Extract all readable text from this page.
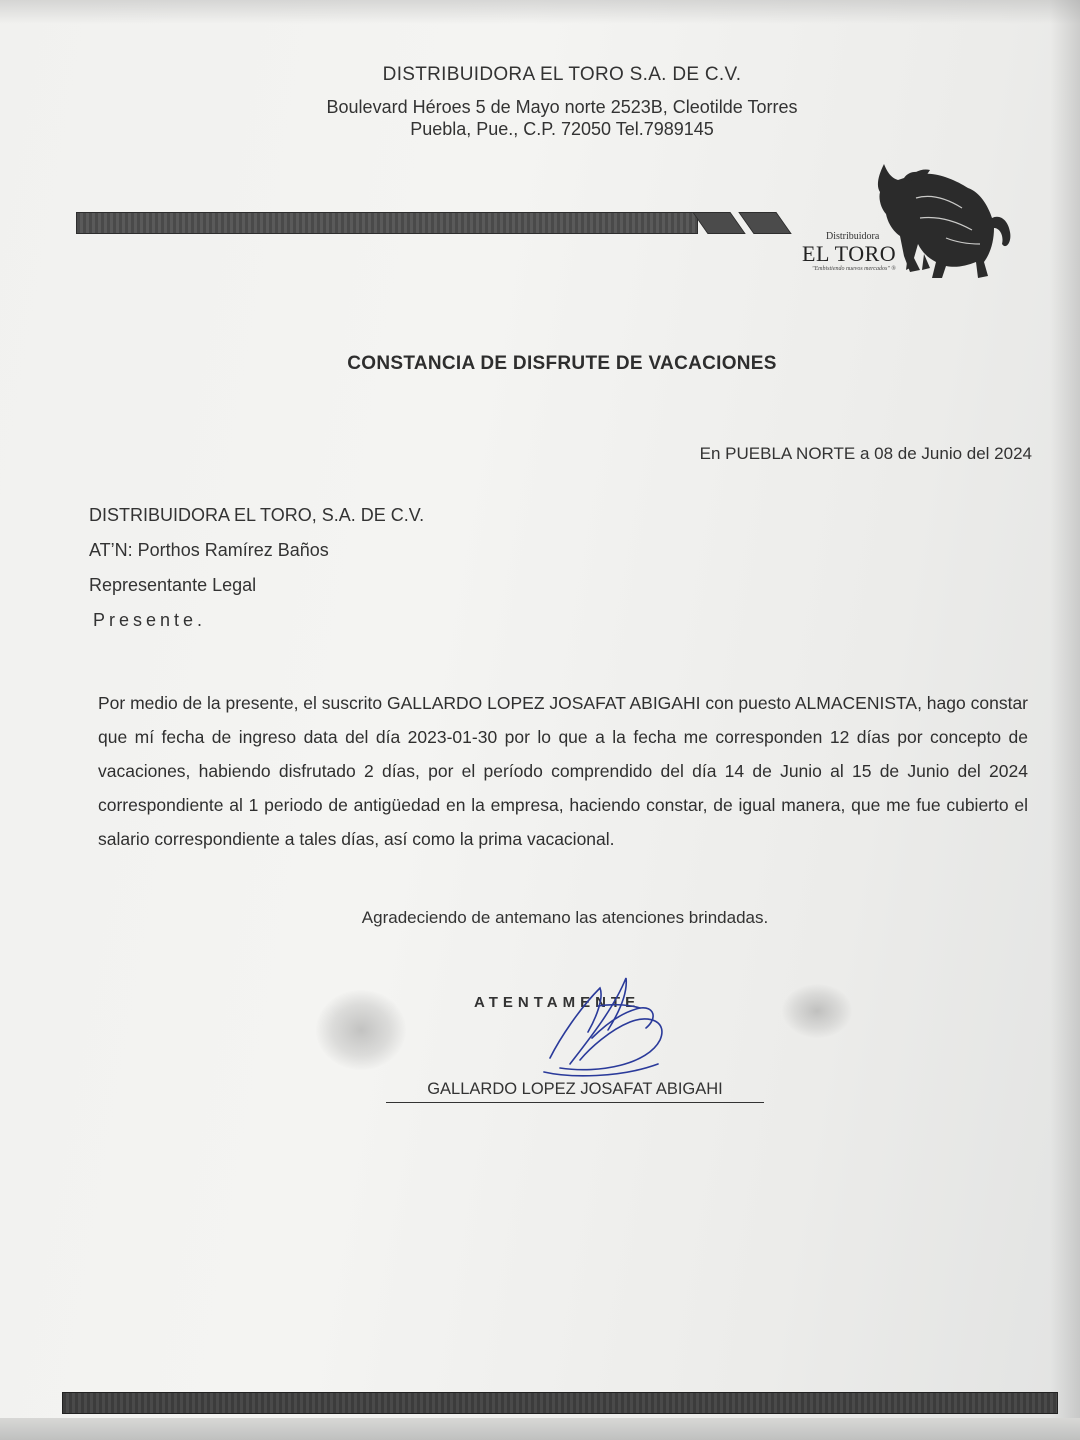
DISTRIBUIDORA EL TORO S.A. DE C.V.
Boulevard Héroes 5 de Mayo norte 2523B, Cleotilde Torres
Puebla, Pue., C.P. 72050 Tel.7989145
Distribuidora
EL TORO
"Embistiendo nuevos mercados" ®
CONSTANCIA DE DISFRUTE DE VACACIONES
En PUEBLA NORTE a 08 de Junio del 2024
DISTRIBUIDORA EL TORO, S.A. DE C.V.
AT’N: Porthos Ramírez Baños
Representante Legal
Presente.
Por medio de la presente, el suscrito GALLARDO LOPEZ JOSAFAT ABIGAHI con puesto ALMACENISTA, hago constar que mí fecha de ingreso data del día 2023-01-30 por lo que a la fecha me corresponden 12 días por concepto de vacaciones, habiendo disfrutado 2 días, por el período comprendido del día 14 de Junio al 15 de Junio del 2024 correspondiente al 1 periodo de antigüedad en la empresa, haciendo constar, de igual manera, que me fue cubierto el salario correspondiente a tales días, así como la prima vacacional.
Agradeciendo de antemano las atenciones brindadas.
ATENTAMENTE
GALLARDO LOPEZ JOSAFAT ABIGAHI
